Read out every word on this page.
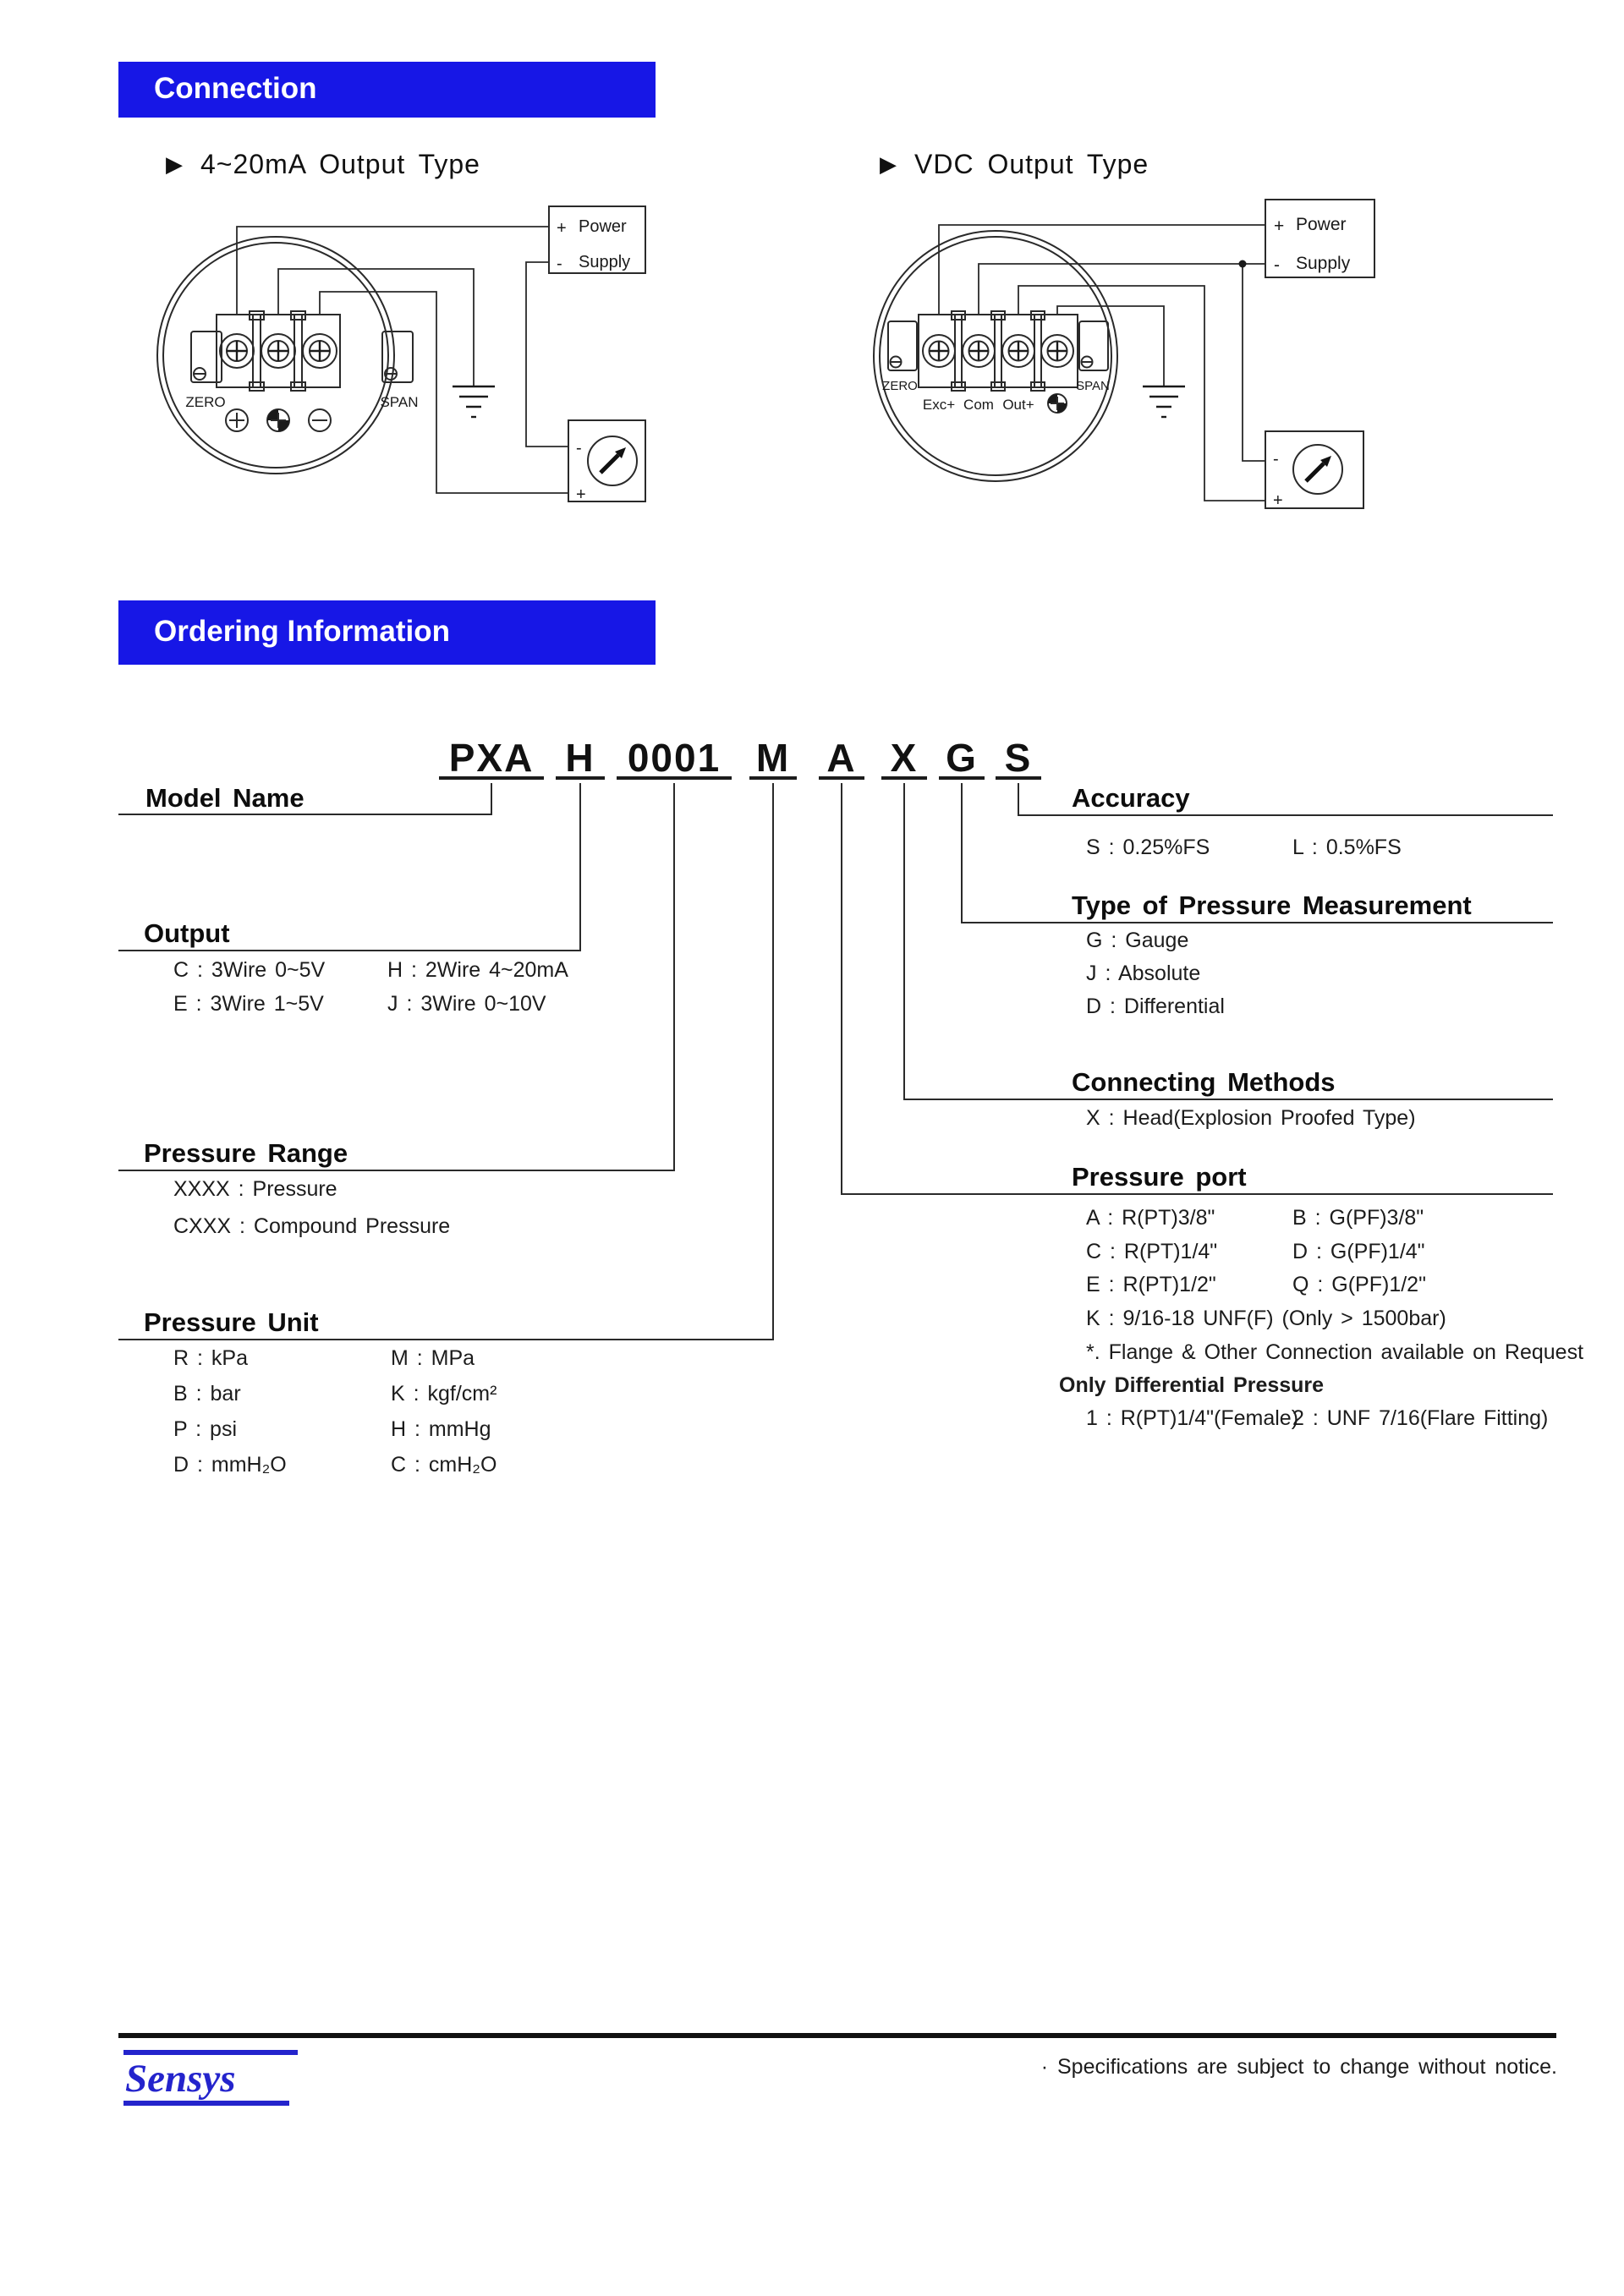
Connection
▶ 4~20mA Output Type	▶ VDC Output Type
ZERO	SPAN
+ Power
- Supply
-
+
ZERO	SPAN
Exc+ Com Out+
+ Power
- Supply
-
+
Ordering Information
PXA H 0001 M A X G S
Model Name
Output
C : 3Wire 0~5V	H : 2Wire 4~20mA
E : 3Wire 1~5V	J : 3Wire 0~10V
Pressure Range
XXXX : Pressure
CXXX : Compound Pressure
Pressure Unit
R : kPa	M : MPa
B : bar	K : kgf/cm²
P : psi	H : mmHg
D : mmH₂O	C : cmH₂O
Accuracy
S : 0.25%FS	L : 0.5%FS
Type of Pressure Measurement
G : Gauge
J : Absolute
D : Differential
Connecting Methods
X : Head(Explosion Proofed Type)
Pressure port
A : R(PT)3/8"	B : G(PF)3/8"
C : R(PT)1/4"	D : G(PF)1/4"
E : R(PT)1/2"	Q : G(PF)1/2"
K : 9/16-18 UNF(F) (Only > 1500bar)
*. Flange & Other Connection available on Request
Only Differential Pressure
1 : R(PT)1/4"(Female)
2 : UNF 7/16(Flare Fitting)
Sensys	· Specifications are subject to change without notice.
